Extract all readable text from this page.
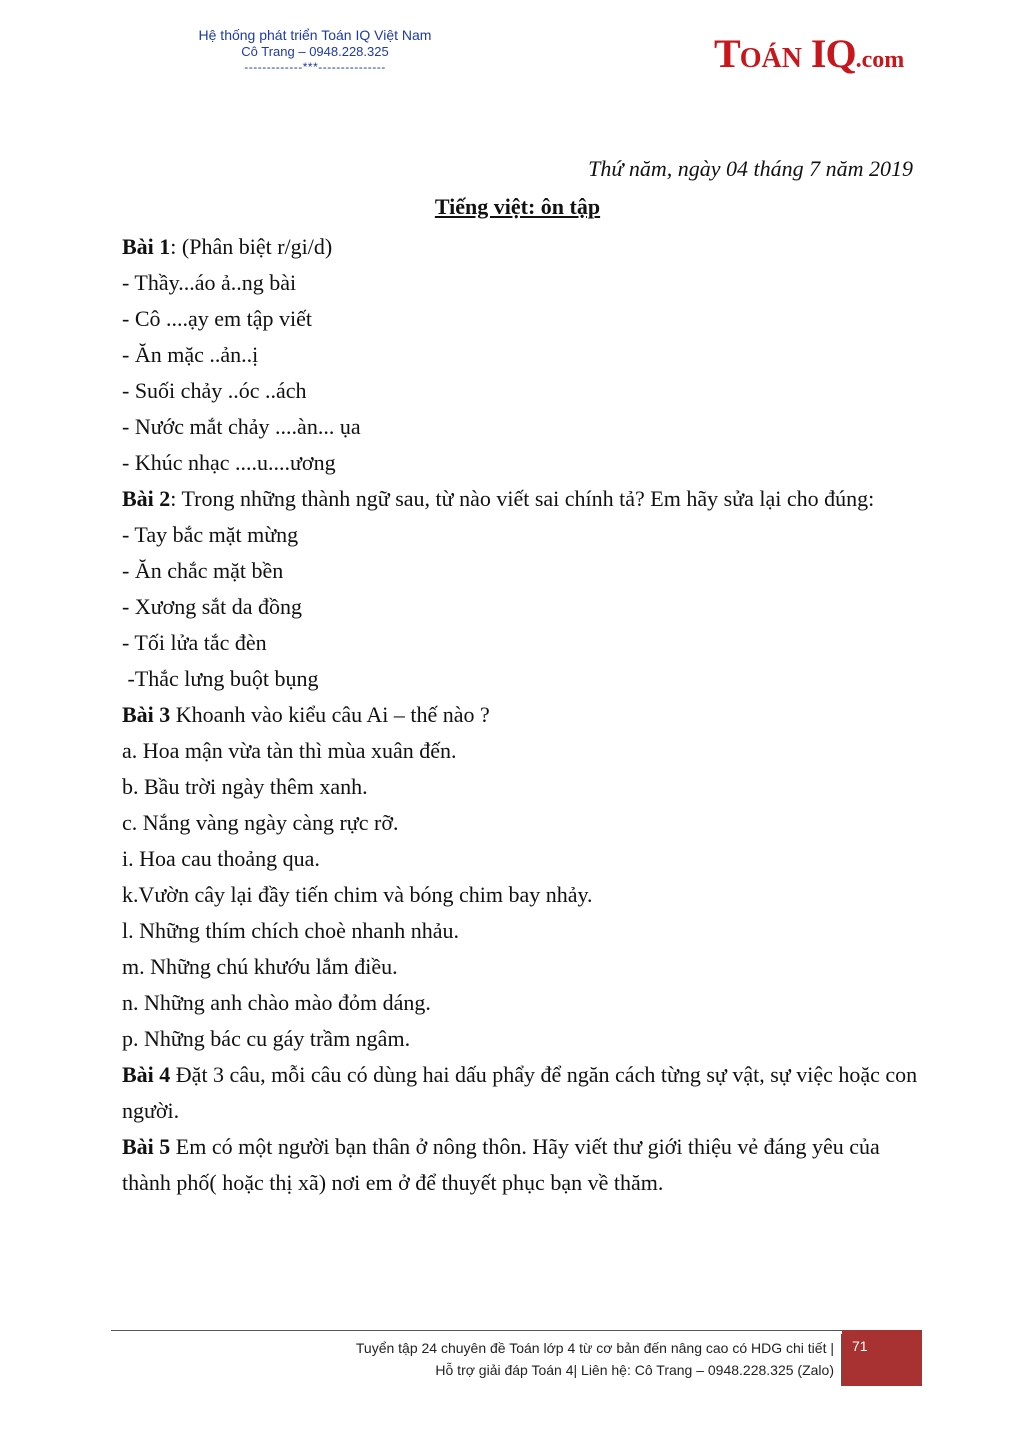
Hệ thống phát triển Toán IQ Việt Nam
Cô Trang – 0948.228.325
-------------***---------------	TOÁN IQ.com
Thứ năm, ngày 04 tháng 7 năm 2019
Tiếng việt: ôn tập
Bài 1: (Phân biệt r/gi/d)
- Thầy...áo ả..ng bài
- Cô ....ạy em tập viết
- Ăn mặc ..ản..ị
- Suối chảy ..óc ..ách
- Nước mắt chảy ....àn... ụa
- Khúc nhạc ....u....ương
Bài 2: Trong những thành ngữ sau, từ nào viết sai chính tả? Em hãy sửa lại cho đúng:
- Tay bắc mặt mừng
- Ăn chắc mặt bền
- Xương sắt da đồng
- Tối lửa tắc đèn
-Thắc lưng buột bụng
Bài 3 Khoanh vào kiểu câu Ai – thế nào ?
a. Hoa mận vừa tàn thì mùa xuân đến.
b. Bầu trời ngày thêm xanh.
c. Nắng vàng ngày càng rực rỡ.
i. Hoa cau thoảng qua.
k.Vườn cây lại đầy tiến chim và bóng chim bay nhảy.
l. Những thím chích choè nhanh nhảu.
m. Những chú khướu lắm điều.
n. Những anh chào mào đỏm dáng.
p. Những bác cu gáy trầm ngâm.
Bài 4 Đặt 3 câu, mỗi câu có dùng hai dấu phẩy để ngăn cách từng sự vật, sự việc hoặc con người.
Bài 5 Em có một người bạn thân ở nông thôn. Hãy viết thư giới thiệu vẻ đáng yêu của thành phố( hoặc thị xã) nơi em ở để thuyết phục bạn về thăm.
Tuyển tập 24 chuyên đề Toán lớp 4 từ cơ bản đến nâng cao có HDG chi tiết |
Hỗ trợ giải đáp Toán 4| Liên hệ: Cô Trang – 0948.228.325 (Zalo)
71
